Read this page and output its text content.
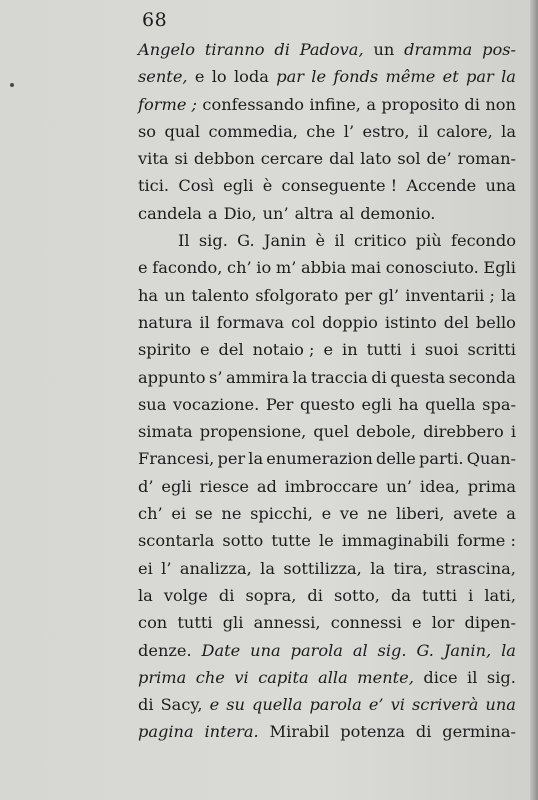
68
Angelo tiranno di Padova, un dramma pos-
sente, e lo loda par le fonds même et par la
forme ; confessando infine, a proposito di non
so qual commedia, che l’ estro, il calore, la
vita si debbon cercare dal lato sol de’ roman-
tici. Così egli è conseguente ! Accende una
candela a Dio, un’ altra al demonio.
Il sig. G. Janin è il critico più fecondo
e facondo, ch’ io m’ abbia mai conosciuto. Egli
ha un talento sfolgorato per gl’ inventarii ; la
natura il formava col doppio istinto del bello
spirito e del notaio ; e in tutti i suoi scritti
appunto s’ ammira la traccia di questa seconda
sua vocazione. Per questo egli ha quella spa-
simata propensione, quel debole, direbbero i
Francesi, per la enumerazion delle parti. Quan-
d’ egli riesce ad imbroccare un’ idea, prima
ch’ ei se ne spicchi, e ve ne liberi, avete a
scontarla sotto tutte le immaginabili forme :
ei l’ analizza, la sottilizza, la tira, strascina,
la volge di sopra, di sotto, da tutti i lati,
con tutti gli annessi, connessi e lor dipen-
denze. Date una parola al sig. G. Janin, la
prima che vi capita alla mente, dice il sig.
di Sacy, e su quella parola e’ vi scriverà una
pagina intera. Mirabil potenza di germina-
